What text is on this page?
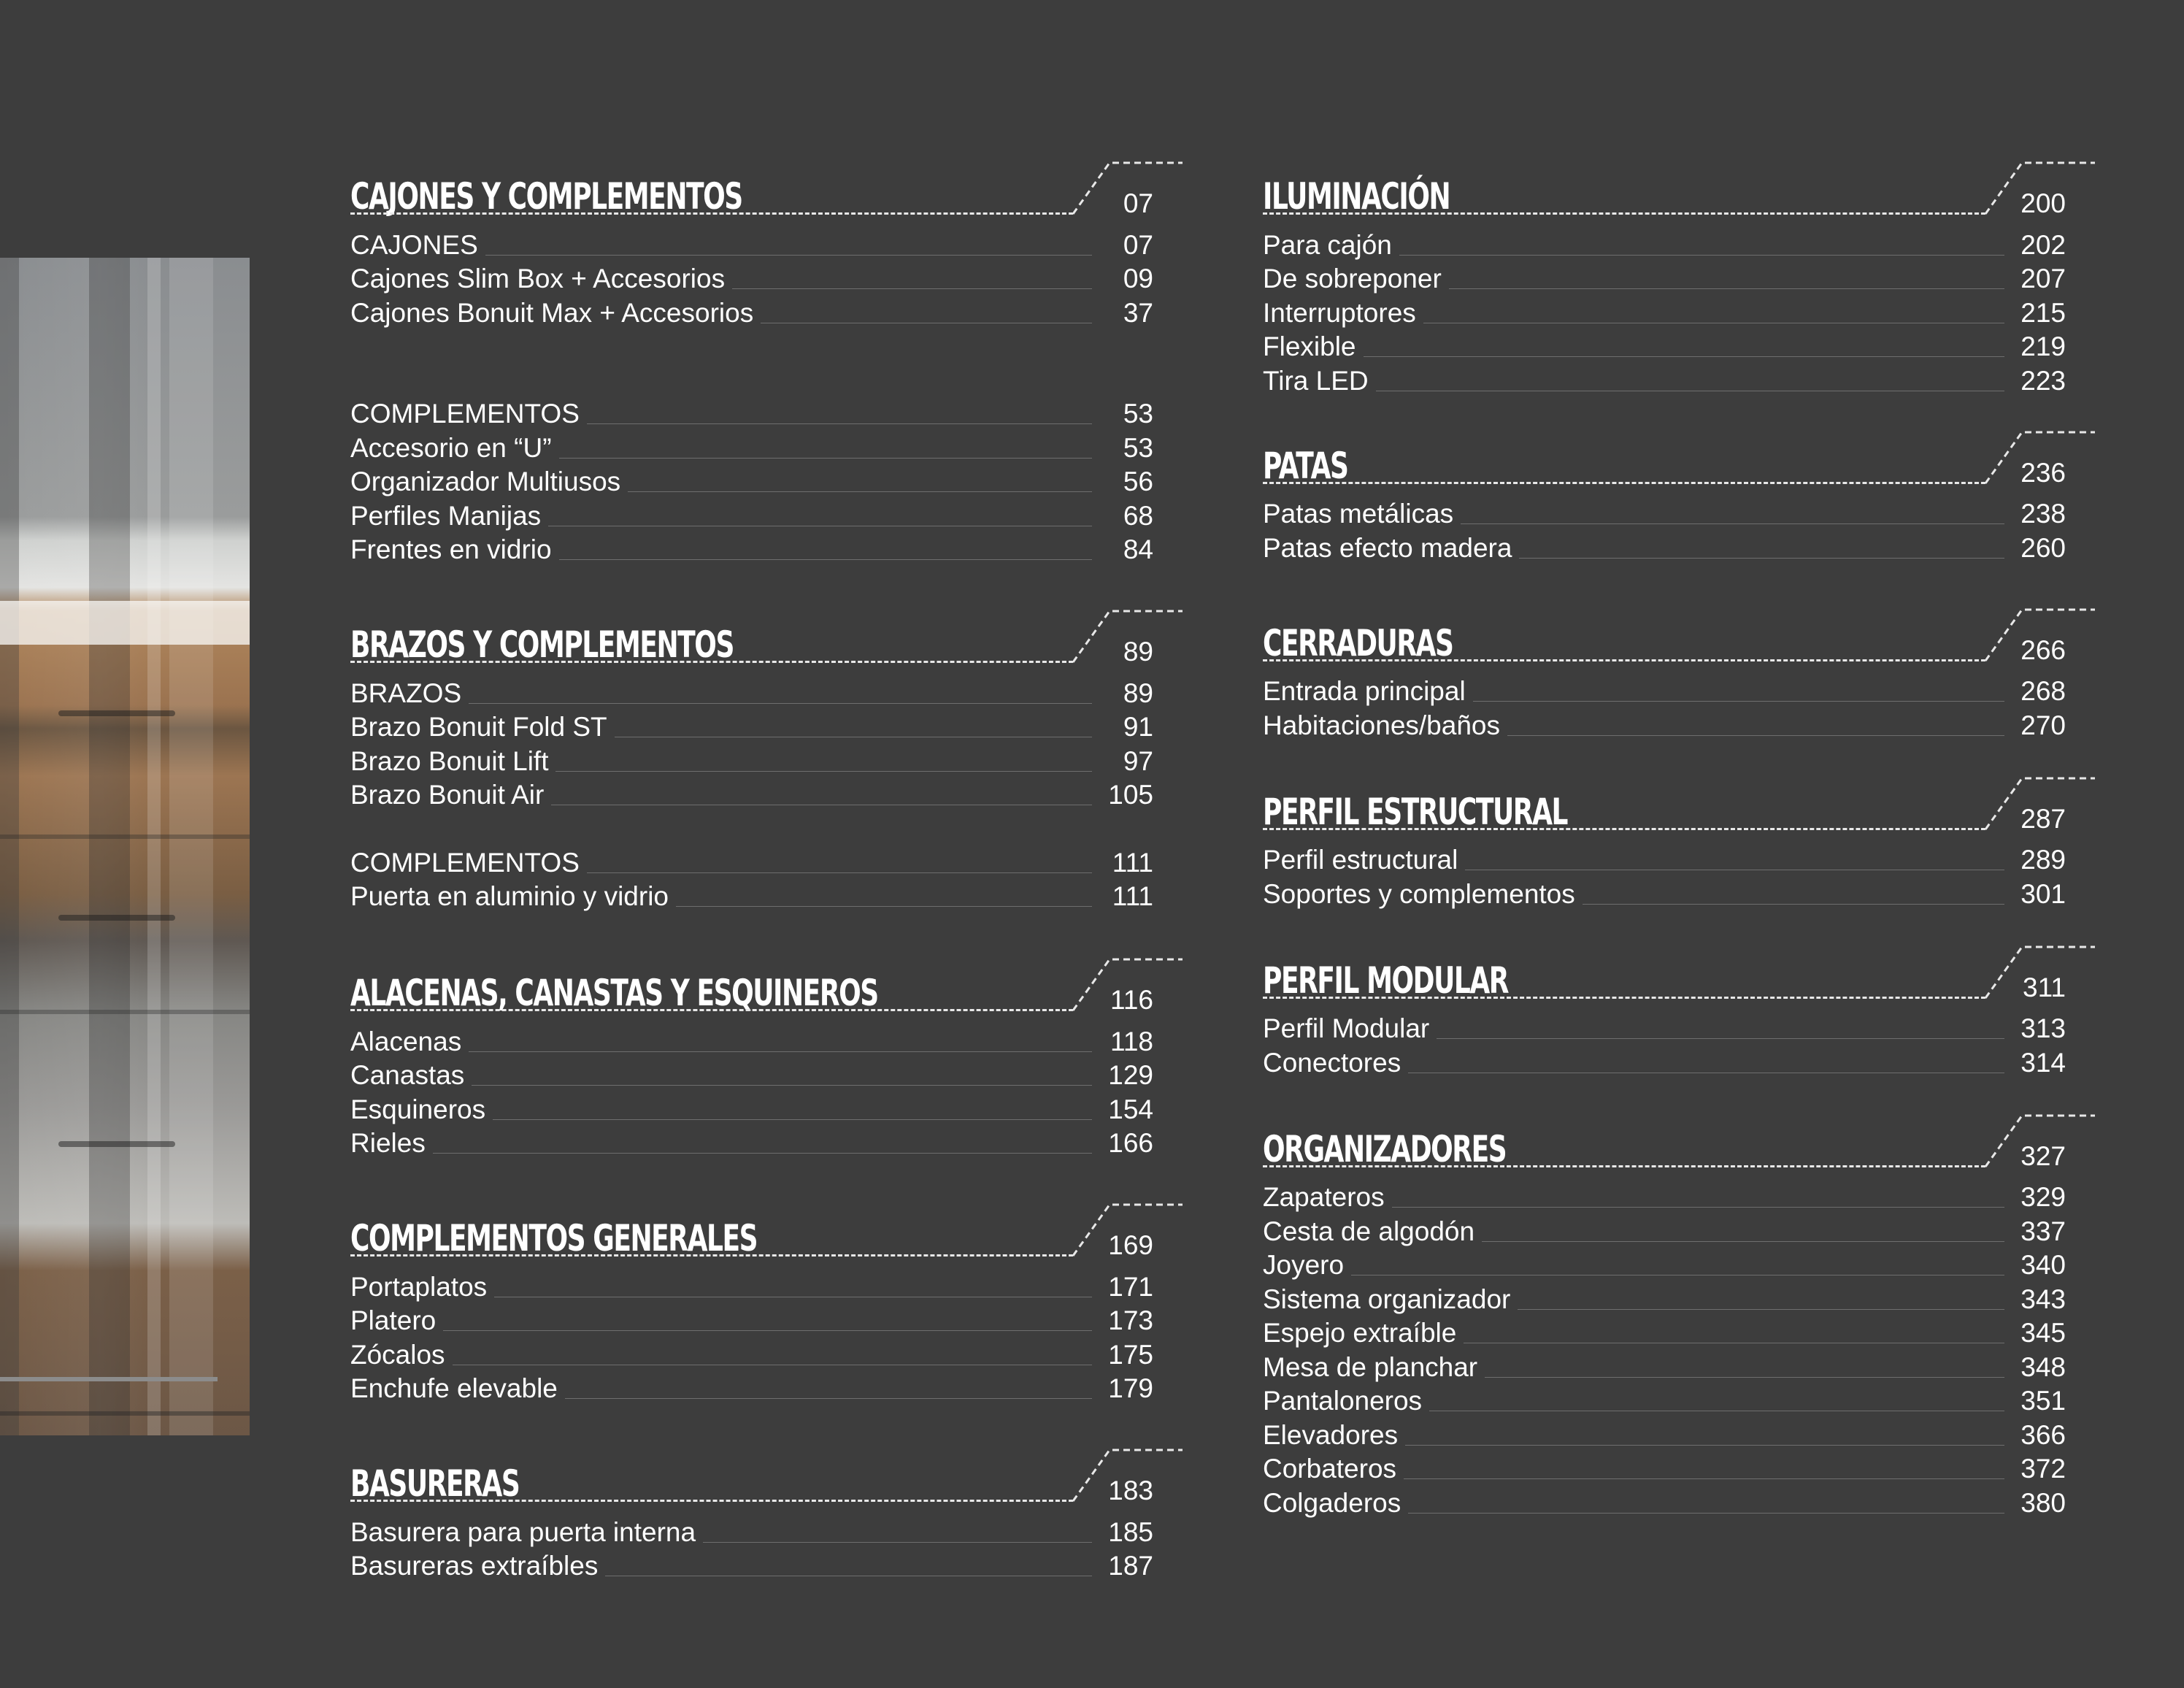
CAJONES Y COMPLEMENTOS	07
CAJONES	07
Cajones Slim Box + Accesorios	09
Cajones Bonuit Max + Accesorios	37
COMPLEMENTOS	53
Accesorio en “U”	53
Organizador Multiusos	56
Perfiles Manijas	68
Frentes en vidrio	84
BRAZOS Y COMPLEMENTOS	89
BRAZOS	89
Brazo Bonuit Fold ST	91
Brazo Bonuit Lift	97
Brazo Bonuit Air	105
COMPLEMENTOS	111
Puerta en aluminio y vidrio	111
ALACENAS, CANASTAS Y ESQUINEROS	116
Alacenas	118
Canastas	129
Esquineros	154
Rieles	166
COMPLEMENTOS GENERALES	169
Portaplatos	171
Platero	173
Zócalos	175
Enchufe elevable	179
BASURERAS	183
Basurera para puerta interna	185
Basureras extraíbles	187
ILUMINACIÓN	200
Para cajón	202
De sobreponer	207
Interruptores	215
Flexible	219
Tira LED	223
PATAS	236
Patas metálicas	238
Patas efecto madera	260
CERRADURAS	266
Entrada principal	268
Habitaciones/baños	270
PERFIL ESTRUCTURAL	287
Perfil estructural	289
Soportes y complementos	301
PERFIL MODULAR	311
Perfil Modular	313
Conectores	314
ORGANIZADORES	327
Zapateros	329
Cesta de algodón	337
Joyero	340
Sistema organizador	343
Espejo extraíble	345
Mesa de planchar	348
Pantaloneros	351
Elevadores	366
Corbateros	372
Colgaderos	380
